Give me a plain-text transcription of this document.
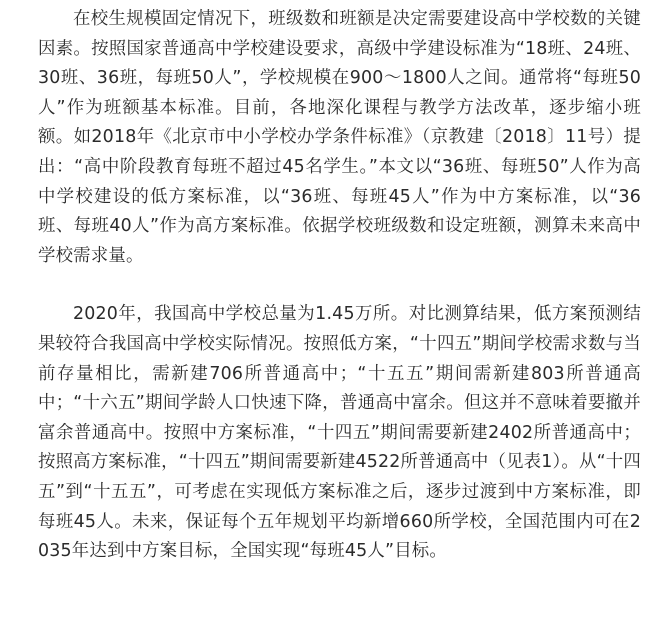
在校生规模固定情况下，班级数和班额是决定需要建设高中学校数的关键因素。按照国家普通高中学校建设要求，高级中学建设标准为“18班、24班、30班、36班，每班50人”，学校规模在900～1800人之间。通常将“每班50人”作为班额基本标准。目前，各地深化课程与教学方法改革，逐步缩小班额。如2018年《北京市中小学校办学条件标准》（京教建〔2018〕11号）提出：“高中阶段教育每班不超过45名学生。”本文以“36班、每班50”人作为高中学校建设的低方案标准，以“36班、每班45人”作为中方案标准，以“36班、每班40人”作为高方案标准。依据学校班级数和设定班额，测算未来高中学校需求量。

2020年，我国高中学校总量为1.45万所。对比测算结果，低方案预测结果较符合我国高中学校实际情况。按照低方案，“十四五”期间学校需求数与当前存量相比，需新建706所普通高中；“十五五”期间需新建803所普通高中；“十六五”期间学龄人口快速下降，普通高中富余。但这并不意味着要撤并富余普通高中。按照中方案标准，“十四五”期间需要新建2402所普通高中；按照高方案标准，“十四五”期间需要新建4522所普通高中（见表1）。从“十四五”到“十五五”，可考虑在实现低方案标准之后，逐步过渡到中方案标准，即每班45人。未来，保证每个五年规划平均新增660所学校，全国范围内可在2035年达到中方案目标，全国实现“每班45人”目标。
